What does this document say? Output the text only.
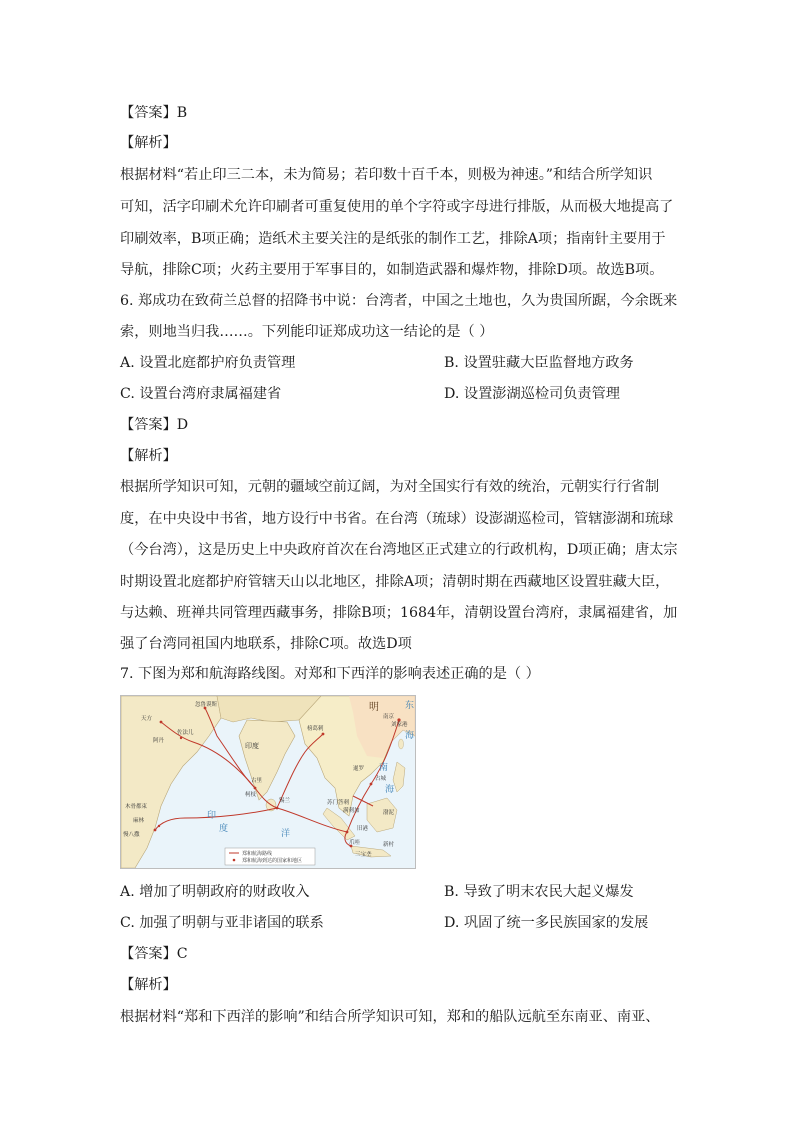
【答案】B
【解析】
根据材料“若止印三二本，未为简易；若印数十百千本，则极为神速。”和结合所学知识
可知，活字印刷术允许印刷者可重复使用的单个字符或字母进行排版，从而极大地提高了
印刷效率，B项正确；造纸术主要关注的是纸张的制作工艺，排除A项；指南针主要用于
导航，排除C项；火药主要用于军事目的，如制造武器和爆炸物，排除D项。故选B项。
6. 郑成功在致荷兰总督的招降书中说：台湾者，中国之土地也，久为贵国所踞，今余既来
索，则地当归我……。下列能印证郑成功这一结论的是（ ）
A. 设置北庭都护府负责管理	B. 设置驻藏大臣监督地方政务
C. 设置台湾府隶属福建省	D. 设置澎湖巡检司负责管理
【答案】D
【解析】
根据所学知识可知，元朝的疆域空前辽阔，为对全国实行有效的统治，元朝实行行省制
度，在中央设中书省，地方设行中书省。在台湾（琉球）设澎湖巡检司，管辖澎湖和琉球
（今台湾），这是历史上中央政府首次在台湾地区正式建立的行政机构，D项正确；唐太宗
时期设置北庭都护府管辖天山以北地区，排除A项；清朝时期在西藏地区设置驻藏大臣，
与达赖、班禅共同管理西藏事务，排除B项；1684年，清朝设置台湾府，隶属福建省，加
强了台湾同祖国内地联系，排除C项。故选D项
7. 下图为郑和航海路线图。对郑和下西洋的影响表述正确的是（ ）
明
南京
刘家港
东
海
南
海
印度
印
度	洋
天方
忽鲁谟斯
佐法儿
阿丹
榜葛剌
古里
柯枝
锡兰
暹罗
占城
渤泥
苏门答剌
满剌加
旧港
爪哇
三宝垄
新村
木骨都束
麻林
慢八撒
郑和航海路线
郑和航海到达的国家和地区
A. 增加了明朝政府的财政收入	B. 导致了明末农民大起义爆发
C. 加强了明朝与亚非诸国的联系	D. 巩固了统一多民族国家的发展
【答案】C
【解析】
根据材料“郑和下西洋的影响”和结合所学知识可知，郑和的船队远航至东南亚、南亚、
